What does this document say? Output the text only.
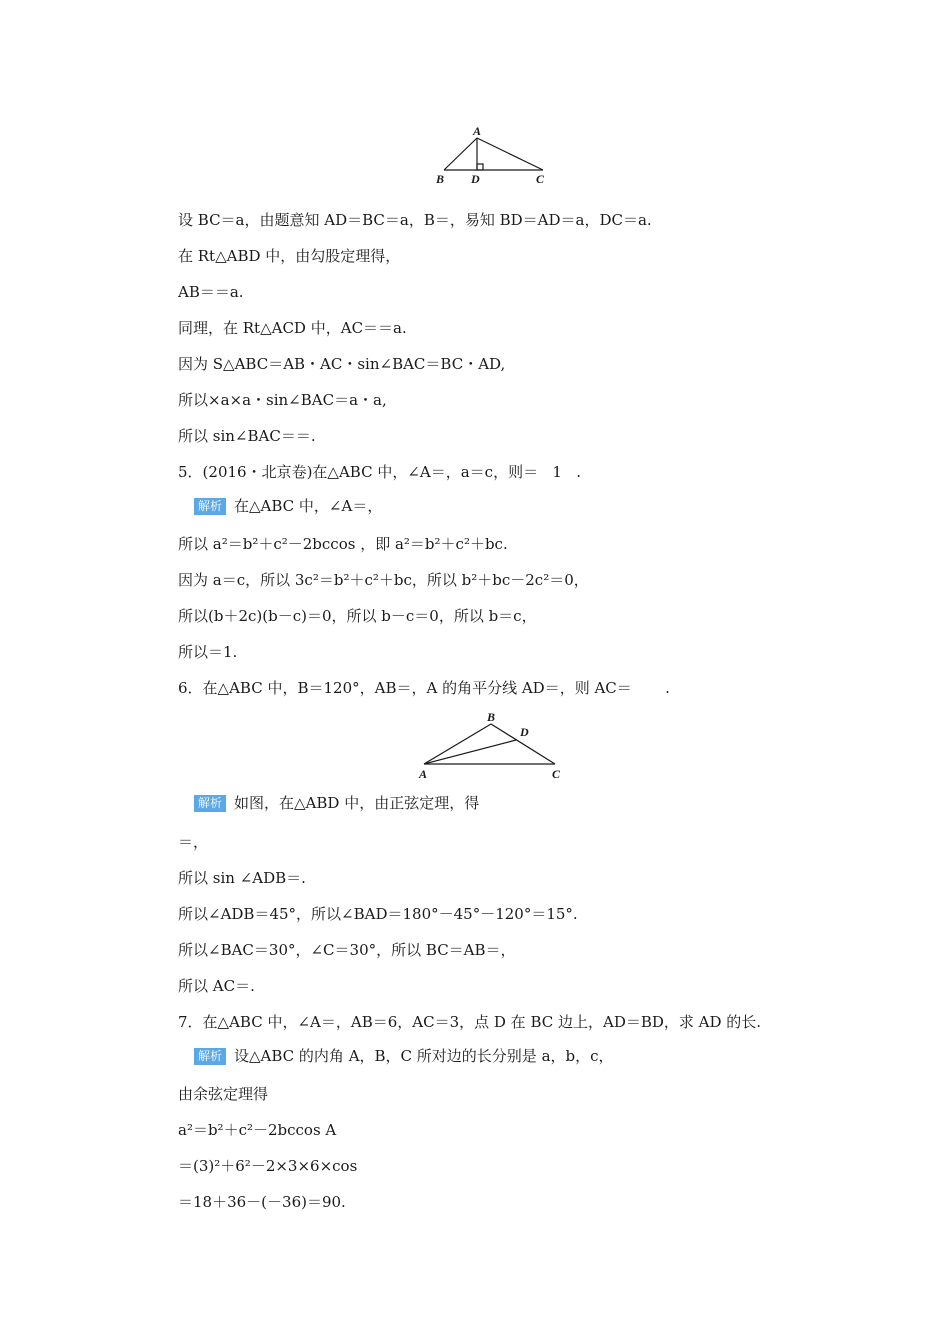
A
B D	C
B
D
A	C
设 BC＝a，由题意知 AD＝BC＝a，B＝，易知 BD＝AD＝a，DC＝a.
在 Rt△ABD 中，由勾股定理得，
AB＝＝a.
同理，在 Rt△ACD 中，AC＝＝a.
因为 S△ABC＝AB・AC・sin∠BAC＝BC・AD,
所以×a×a・sin∠BAC＝a・a,
所以 sin∠BAC＝＝.
5．(2016・北京卷)在△ABC 中，∠A＝，a＝c，则＝   1   .
解析 在△ABC 中，∠A＝，
所以 a²＝b²＋c²－2bccos ，即 a²＝b²＋c²＋bc.
因为 a＝c，所以 3c²＝b²＋c²＋bc，所以 b²＋bc－2c²＝0，
所以(b＋2c)(b－c)＝0，所以 b－c＝0，所以 b＝c，
所以＝1.
6．在△ABC 中，B＝120°，AB＝，A 的角平分线 AD＝，则 AC＝       .
解析 如图，在△ABD 中，由正弦定理，得
＝，
所以 sin ∠ADB＝.
所以∠ADB＝45°，所以∠BAD＝180°－45°－120°＝15°.
所以∠BAC＝30°，∠C＝30°，所以 BC＝AB＝，
所以 AC＝.
7．在△ABC 中，∠A＝，AB＝6，AC＝3，点 D 在 BC 边上，AD＝BD，求 AD 的长.
解析 设△ABC 的内角 A，B，C 所对边的长分别是 a，b，c，
由余弦定理得
a²＝b²＋c²－2bccos A
＝(3)²＋6²－2×3×6×cos
＝18＋36－(－36)＝90.
